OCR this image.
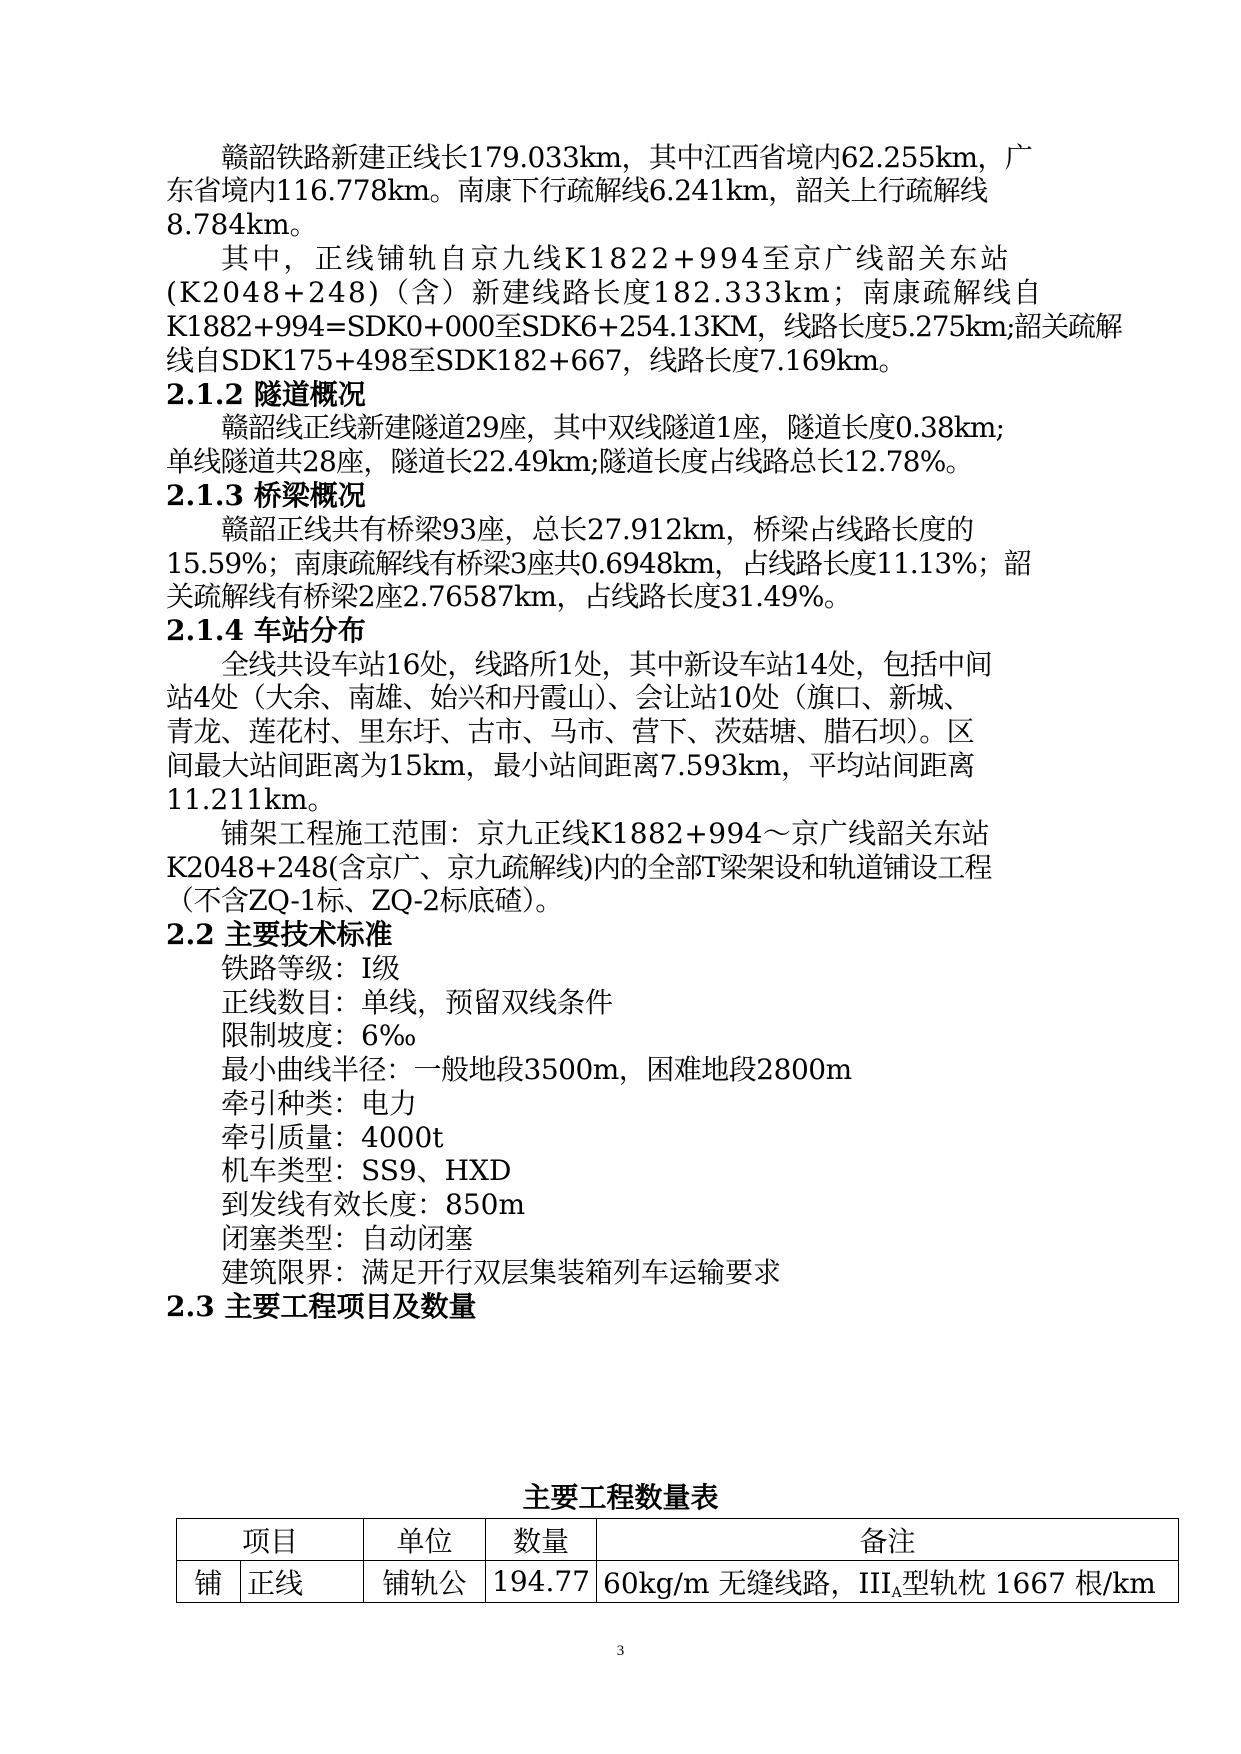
赣韶铁路新建正线长179.033km，其中江西省境内62.255km，广
东省境内116.778km。南康下行疏解线6.241km，韶关上行疏解线
8.784km。
其中，正线铺轨自京九线K1822+994至京广线韶关东站
(K2048+248)（含）新建线路长度182.333km；南康疏解线自
K1882+994=SDK0+000至SDK6+254.13KM，线路长度5.275km;韶关疏解
线自SDK175+498至SDK182+667，线路长度7.169km。
2.1.2 隧道概况
赣韶线正线新建隧道29座，其中双线隧道1座，隧道长度0.38km;
单线隧道共28座，隧道长22.49km;隧道长度占线路总长12.78%。
2.1.3 桥梁概况
赣韶正线共有桥梁93座，总长27.912km，桥梁占线路长度的
15.59%；南康疏解线有桥梁3座共0.6948km，占线路长度11.13%；韶
关疏解线有桥梁2座2.76587km，占线路长度31.49%。
2.1.4 车站分布
全线共设车站16处，线路所1处，其中新设车站14处，包括中间
站4处（大余、南雄、始兴和丹霞山）、会让站10处（旗口、新城、
青龙、莲花村、里东圩、古市、马市、营下、茨菇塘、腊石坝）。区
间最大站间距离为15km，最小站间距离7.593km，平均站间距离
11.211km。
铺架工程施工范围：京九正线K1882+994～京广线韶关东站
K2048+248(含京广、京九疏解线)内的全部T梁架设和轨道铺设工程
（不含ZQ-1标、ZQ-2标底碴）。
2.2 主要技术标准
铁路等级：Ⅰ级
正线数目：单线，预留双线条件
限制坡度：6‰
最小曲线半径：一般地段3500m，困难地段2800m
牵引种类：电力
牵引质量：4000t
机车类型：SS9、HXD
到发线有效长度：850m
闭塞类型：自动闭塞
建筑限界：满足开行双层集装箱列车运输要求
2.3 主要工程项目及数量
主要工程数量表
项目		单位	数量	备注
铺	正线	铺轨公	194.77	60kg/m 无缝线路，$III_A$型轨枕 1667 根/km
3
